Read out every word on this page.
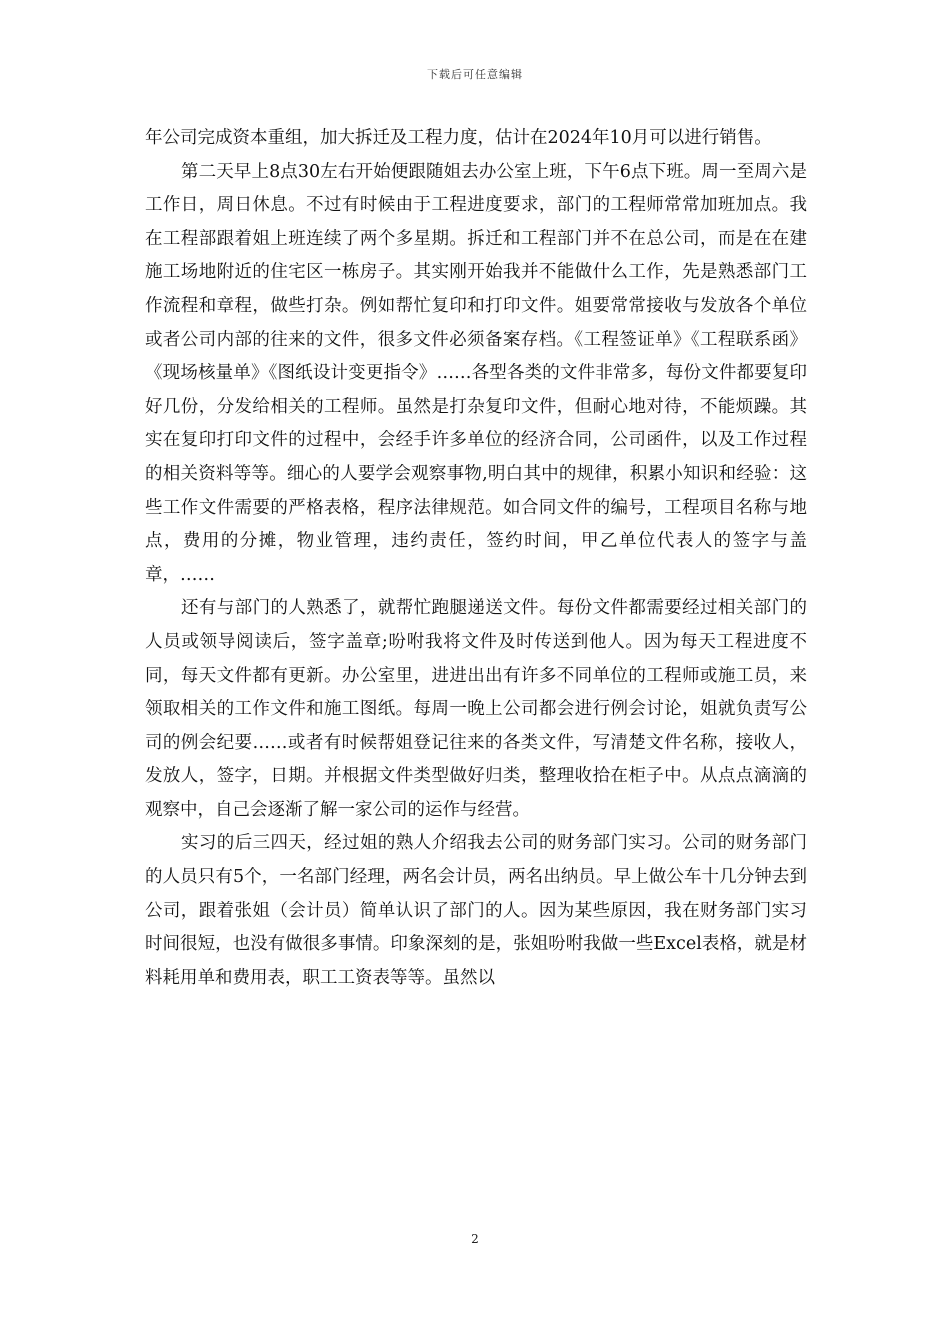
下载后可任意编辑

年公司完成资本重组，加大拆迁及工程力度，估计在2024年10月可以进行销售。

第二天早上8点30左右开始便跟随姐去办公室上班，下午6点下班。周一至周六是工作日，周日休息。不过有时候由于工程进度要求，部门的工程师常常加班加点。我在工程部跟着姐上班连续了两个多星期。拆迁和工程部门并不在总公司，而是在在建施工场地附近的住宅区一栋房子。其实刚开始我并不能做什么工作，先是熟悉部门工作流程和章程，做些打杂。例如帮忙复印和打印文件。姐要常常接收与发放各个单位或者公司内部的往来的文件，很多文件必须备案存档。《工程签证单》《工程联系函》《现场核量单》《图纸设计变更指令》……各型各类的文件非常多，每份文件都要复印好几份，分发给相关的工程师。虽然是打杂复印文件，但耐心地对待，不能烦躁。其实在复印打印文件的过程中，会经手许多单位的经济合同，公司函件，以及工作过程的相关资料等等。细心的人要学会观察事物,明白其中的规律，积累小知识和经验：这些工作文件需要的严格表格，程序法律规范。如合同文件的编号，工程项目名称与地点，费用的分摊，物业管理，违约责任，签约时间，甲乙单位代表人的签字与盖章，……

还有与部门的人熟悉了，就帮忙跑腿递送文件。每份文件都需要经过相关部门的人员或领导阅读后，签字盖章;吩咐我将文件及时传送到他人。因为每天工程进度不同，每天文件都有更新。办公室里，进进出出有许多不同单位的工程师或施工员，来领取相关的工作文件和施工图纸。每周一晚上公司都会进行例会讨论，姐就负责写公司的例会纪要……或者有时候帮姐登记往来的各类文件，写清楚文件名称，接收人，发放人，签字，日期。并根据文件类型做好归类，整理收拾在柜子中。从点点滴滴的观察中，自己会逐渐了解一家公司的运作与经营。

实习的后三四天，经过姐的熟人介绍我去公司的财务部门实习。公司的财务部门的人员只有5个，一名部门经理，两名会计员，两名出纳员。早上做公车十几分钟去到公司，跟着张姐（会计员）简单认识了部门的人。因为某些原因，我在财务部门实习时间很短，也没有做很多事情。印象深刻的是，张姐吩咐我做一些Excel表格，就是材料耗用单和费用表，职工工资表等等。虽然以

2
